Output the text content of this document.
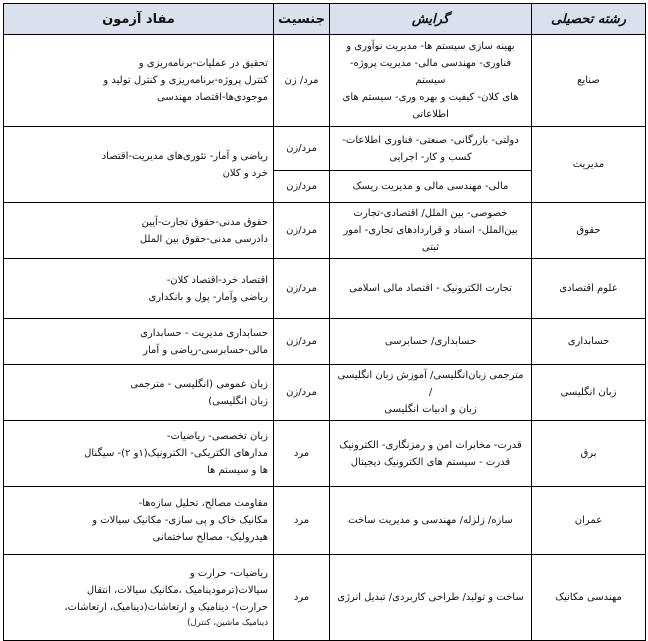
رشته تحصیلی	گرایش	جنسیت	مفاد آزمون
صنایع	بهینه سازی سیستم ها- مدیریت نوآوری و
فناوری- مهندسی مالی- مدیریت پروژه- سیستم
های کلان- کیفیت و بهره وری- سیستم های
اطلاعاتی	مرد/ زن	تحقیق در عملیات-برنامه‌ریزی و
کنترل پروژه-برنامه‌ریزی و کنترل تولید و
موجودی‌ها-اقتصاد مهندسی

مدیریت	دولتی- بازرگانی- صنعتی- فناوری اطلاعات-
کسب و کار- اجرایی	مرد/زن	ریاضی و آمار- تئوری‌های مدیریت-اقتصاد
خرد و کلان

	مالی- مهندسی مالی و مدیریت ریسک	مرد/زن	
حقوق	خصوصی- بین الملل/ اقتصادی-تجارت
بین‌الملل- اسناد و قراردادهای تجاری- امور ثبتی	مرد/زن	حقوق مدنی-حقوق تجارت-آیین
دادرسی مدنی-حقوق بین الملل

علوم اقتصادی	تجارت الکترونیک - اقتصاد مالی اسلامی	مرد/زن	اقتصاد خرد-اقتصاد کلان-
ریاضی وآمار- پول و بانکداری

حسابداری	حسابداری/ حسابرسی	مرد/زن	حسابداری مدیریت - حسابداری
مالی-حسابرسی-ریاضی و آمار

زبان انگلیسی	مترجمی زبان‌انگلیسی/ آموزش زبان انگلیسی /
زبان و ادبیات انگلیسی	مرد/زن	زبان عمومی (انگلیسی - مترجمی
زبان انگلیسی)

برق	قدرت- مخابرات امن و رمزنگاری- الکترونیک
قدرت - سیستم های الکترونیک دیجیتال	مرد	زبان تخصصی- ریاضیات-
مدارهای الکتریکی- الکترونیک(۱و ۲)- سیگنال
ها و سیستم ها

عمران	سازه/ زلزله/ مهندسی و مدیریت ساخت	مرد	مقاومت مصالح، تحلیل سازه‌ها-
مکانیک خاک و پی سازی- مکانیک سیالات و
هیدرولیک- مصالح ساختمانی

مهندسی مکانیک	ساخت و تولید/ طراحی کاربردی/ تبدیل انرژی	مرد	ریاضیات- حرارت و
سیالات(ترمودینامیک ،مکانیک سیالات، انتقال
حرارت)- دینامیک و ارتعاشات(دینامیک، ارتعاشات،
دینامیک ماشین، کنترل)
